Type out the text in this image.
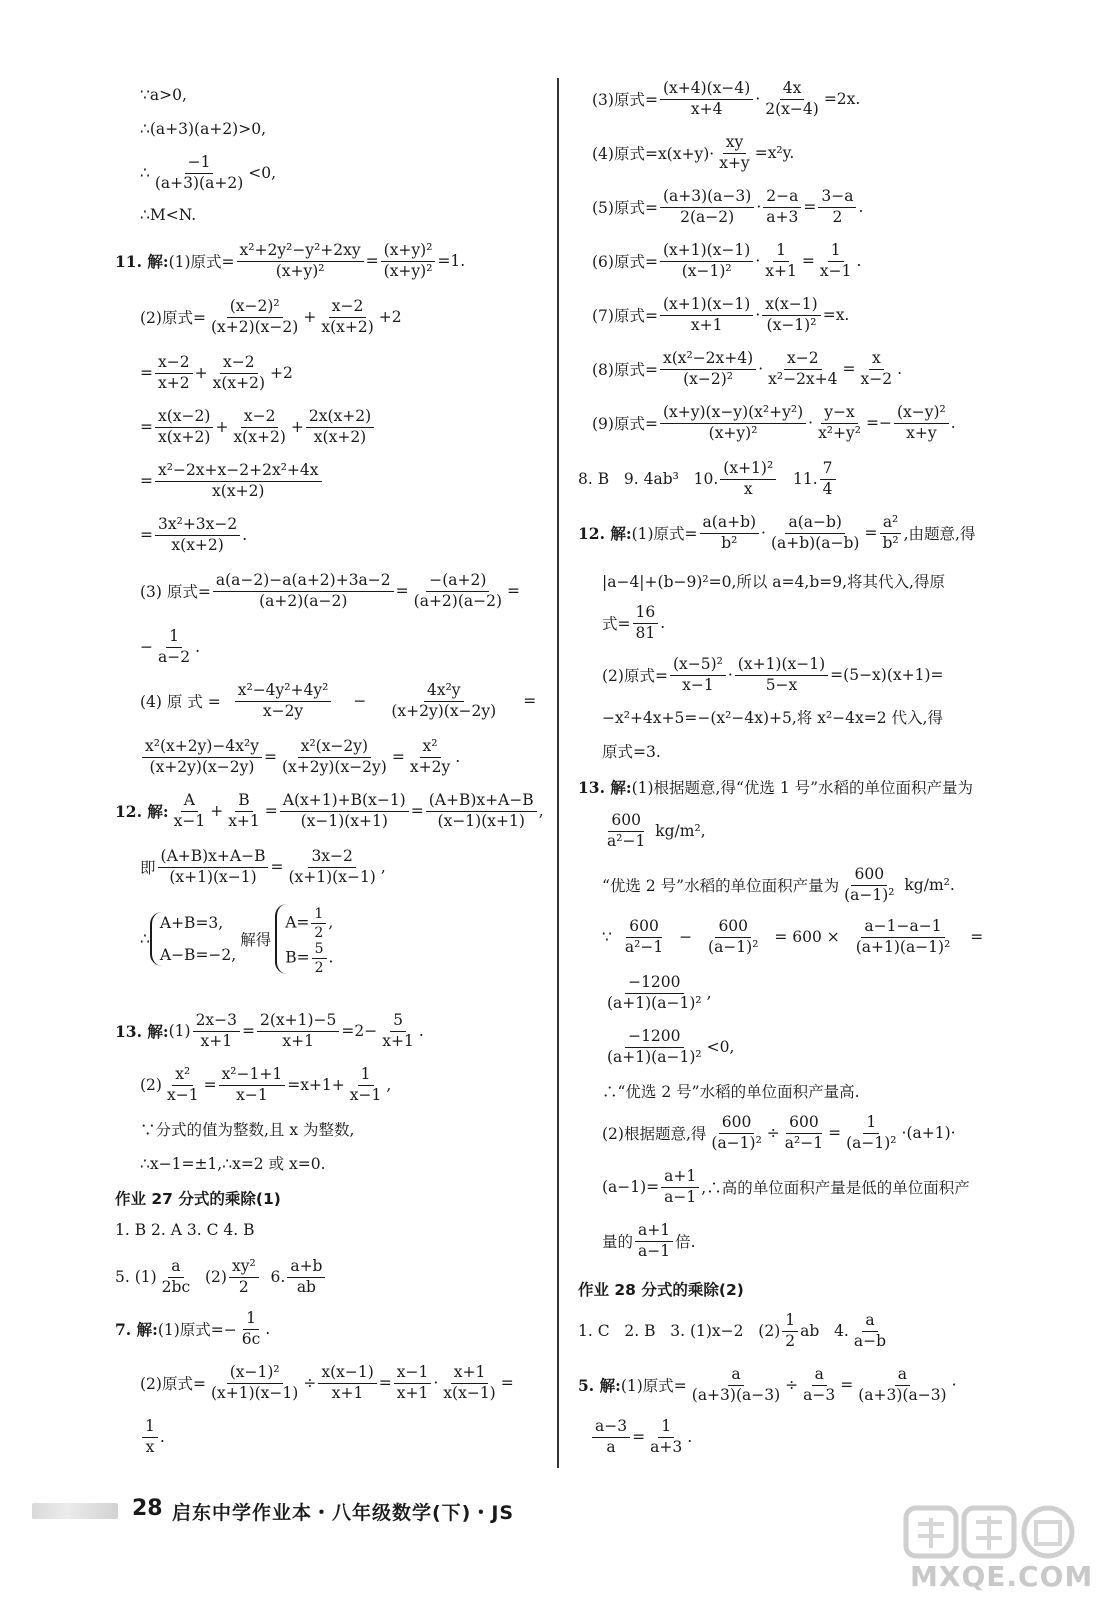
∵a>0,
∴(a+3)(a+2)>0,
∴ $\frac{-1}{(a+3)(a+2)} <0$,
∴M<N.
11. 解: (1)原式= $\frac{\text{x²+2y²−y²+2xy}}{\text{(x+y)²}} = \frac{\text{(x+y)²}}{\text{(x+y)²}} =1$.
(2)原式= $\frac{\text{(x−2)²}}{(x+2)(x-2)} + \frac{x-2}{x(x+2)} +2$
= $\frac{x-2}{x+2} + \frac{x-2}{x(x+2)} +2$
= $\frac{x(x-2)}{x(x+2)} + \frac{x-2}{x(x+2)} + \frac{2x(x+2)}{x(x+2)}$
= $\frac{\text{x²−2x+x−2+2x²+4x}}{x(x+2)}$
= $\frac{\text{3x²+3x−2}}{x(x+2)}$ .
(3) 原式= $\frac{a(a-2)-a(a+2)+3a-2}{(a+2)(a-2)} = \frac{-(a+2)}{(a+2)(a-2)}$ =
− $\frac{1}{a-2}$ .
(4) 原 式 = $\frac{\text{x²−4y²+4y²}}{x-2y} - \frac{\text{4x²y}}{(x+2y)(x-2y)}$ =
$\frac{\text{x²(x+2y)−4x²y}}{(x+2y)(x-2y)} = \frac{\text{x²(x−2y)}}{(x+2y)(x-2y)} = \frac{\text{x²}}{x+2y}$ .
12. 解: $\frac{A}{x-1} + \frac{B}{x+1} = \frac{A(x+1)+B(x-1)}{(x-1)(x+1)} = \frac{(A+B)x+A-B}{(x-1)(x+1)}$ ,
即 $\frac{(A+B)x+A-B}{(x+1)(x-1)} = \frac{3x-2}{(x+1)(x-1)}$ ,
∴
A+B=3,
A−B=−2,
解得
$A= \frac{1}{2}$ ,
$B= \frac{5}{2}$ .
13. 解: $(1) \frac{2x-3}{x+1} = \frac{2(x+1)-5}{x+1} =2- \frac{5}{x+1}$ .
$(2) \frac{\text{x²}}{x-1} = \frac{\text{x²−1+1}}{x-1} =x+1+ \frac{1}{x-1}$ ,
∵分式的值为整数,且 x 为整数,
∴x−1=±1,∴x=2 或 x=0.
作业 27 分式的乘除(1)
1. B 2. A 3. C 4. B
5. $(1) \frac{a}{2bc} (2) \frac{\text{xy²}}{2} 6$. $\frac{a+b}{ab}$
7. 解: (1)原式=− $\frac{1}{6c}$ .
(2)原式= $\frac{\text{(x−1)²}}{(x+1)(x-1)} \div \frac{x(x-1)}{x+1} = \frac{x-1}{x+1} \cdot \frac{x+1}{x(x-1)}$ =
$\frac{1}{x}$ .
(3)原式= $\frac{(x+4)(x-4)}{x+4} \cdot \frac{4x}{2(x-4)} =2x$.
(4)原式$=x(x+y)\cdot \frac{xy}{x+y} =x^2y$.
(5)原式= $\frac{(a+3)(a-3)}{2(a-2)} \cdot \frac{2-a}{a+3} = \frac{3-a}{2}$ .
(6)原式= $\frac{(x+1)(x-1)}{\text{(x−1)²}} \cdot \frac{1}{x+1} = \frac{1}{x-1}$ .
(7)原式= $\frac{(x+1)(x-1)}{x+1} \cdot \frac{x(x-1)}{\text{(x−1)²}} =x$.
(8)原式= $\frac{\text{x(x²−2x+4)}}{\text{(x−2)²}} \cdot \frac{x-2}{\text{x²−2x+4}} = \frac{x}{x-2}$ .
(9)原式= $\frac{\text{(x+y)(x−y)(x²+y²)}}{\text{(x+y)²}} \cdot \frac{y-x}{\text{x²+y²}} =- \frac{\text{(x−y)²}}{x+y}$ .
8. B   9. 4ab³   10. $\frac{\text{(x+1)²}}{x} 11$. $\frac{7}{4}$
12. 解: (1)原式= $\frac{a(a+b)}{\text{b²}} \cdot \frac{a(a-b)}{(a+b)(a-b)} = \frac{\text{a²}}{\text{b²}}$ ,由题意,得
|a−4|+(b−9)²=0,所以 a=4,b=9,将其代入,得原
式= $\frac{16}{81}$ .
(2)原式= $\frac{\text{(x−5)²}}{x-1} \cdot \frac{(x+1)(x-1)}{5-x} =(5-x)(x+1)=$
−x²+4x+5=−(x²−4x)+5,将 x²−4x=2 代入,得
原式=3.
13. 解: (1)根据题意,得“优选 1 号”水稻的单位面积产量为
$\frac{600}{\text{a²−1}} kg/m^2$,
“优选 2 号”水稻的单位面积产量为 $\frac{600}{\text{(a−1)²}} kg/m^2$.
∵ $\frac{600}{\text{a²−1}} - \frac{600}{\text{(a−1)²}} = 600 \times \frac{a-1-a-1}{\text{(a+1)(a−1)²}}$ =
$\frac{-1200}{\text{(a+1)(a−1)²}}$ ,
$\frac{-1200}{\text{(a+1)(a−1)²}} <0$,
∴“优选 2 号”水稻的单位面积产量高.
(2)根据题意,得 $\frac{600}{\text{(a−1)²}} \div \frac{600}{\text{a²−1}} = \frac{1}{\text{(a−1)²}} \cdot(a+1)\cdot$
$(a-1)= \frac{a+1}{a-1}$ ,∴高的单位面积产量是低的单位面积产
量的 $\frac{a+1}{a-1}$ 倍.
作业 28 分式的乘除(2)
1. C   2. B   3. (1)x−2   $(2) \frac{1}{2}$ ab   4. $\frac{a}{a-b}$
5. 解: (1)原式= $\frac{a}{(a+3)(a-3)} \div \frac{a}{a-3} = \frac{a}{(a+3)(a-3)}$ ·
$\frac{a-3}{a} = \frac{1}{a+3}$ .
28 启东中学作业本・八年级数学(下)・JS
MXQE.COM
